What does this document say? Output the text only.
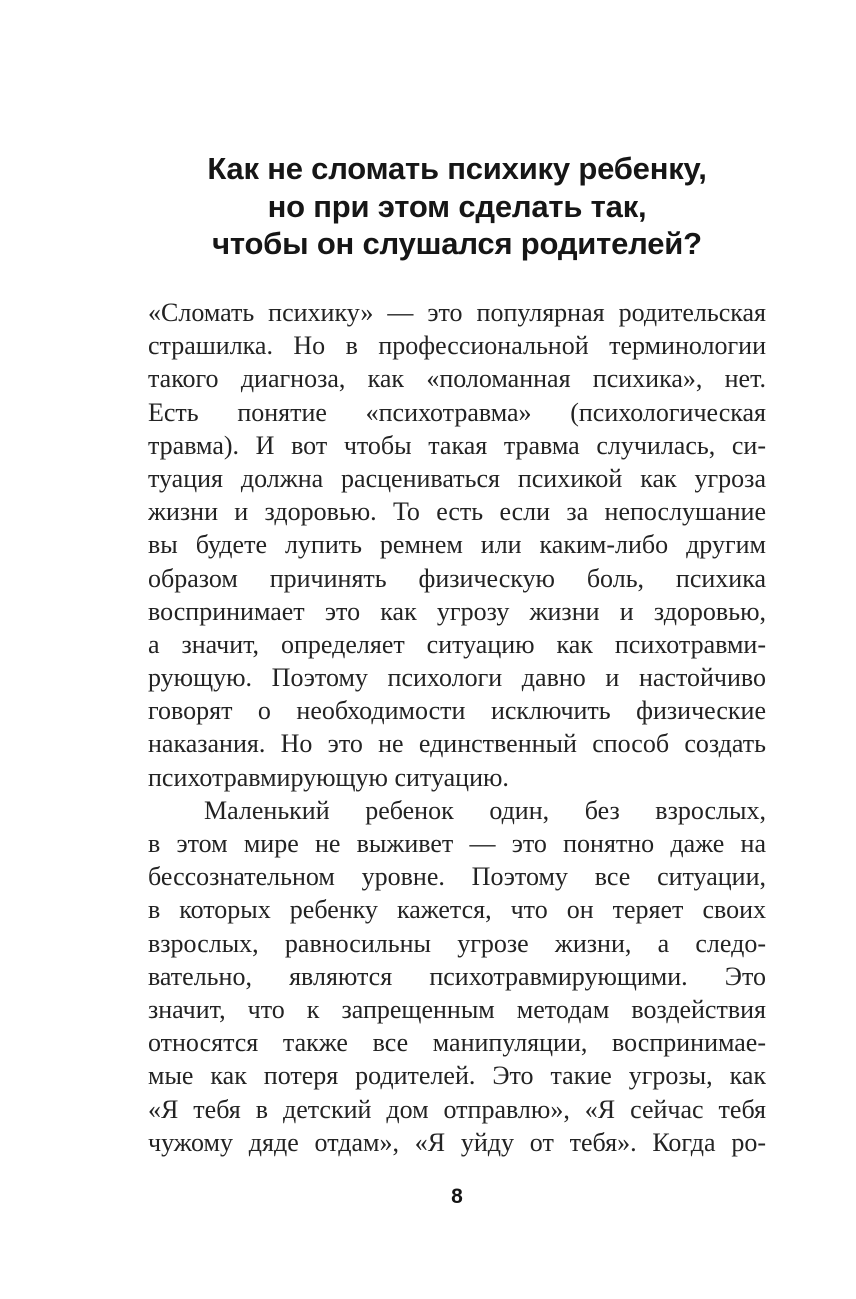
Как не сломать психику ребенку,
но при этом сделать так,
чтобы он слушался родителей?
«Сломать психику» — это популярная родительская
страшилка. Но в профессиональной терминологии
такого диагноза, как «поломанная психика», нет.
Есть понятие «психотравма» (психологическая
травма). И вот чтобы такая травма случилась, си-
туация должна расцениваться психикой как угроза
жизни и здоровью. То есть если за непослушание
вы будете лупить ремнем или каким-либо другим
образом причинять физическую боль, психика
воспринимает это как угрозу жизни и здоровью,
а значит, определяет ситуацию как психотравми-
рующую. Поэтому психологи давно и настойчиво
говорят о необходимости исключить физические
наказания. Но это не единственный способ создать
психотравмирующую ситуацию.
Маленький ребенок один, без взрослых,
в этом мире не выживет — это понятно даже на
бессознательном уровне. Поэтому все ситуации,
в которых ребенку кажется, что он теряет своих
взрослых, равносильны угрозе жизни, а следо-
вательно, являются психотравмирующими. Это
значит, что к запрещенным методам воздействия
относятся также все манипуляции, воспринимае-
мые как потеря родителей. Это такие угрозы, как
«Я тебя в детский дом отправлю», «Я сейчас тебя
чужому дяде отдам», «Я уйду от тебя». Когда ро-
8
